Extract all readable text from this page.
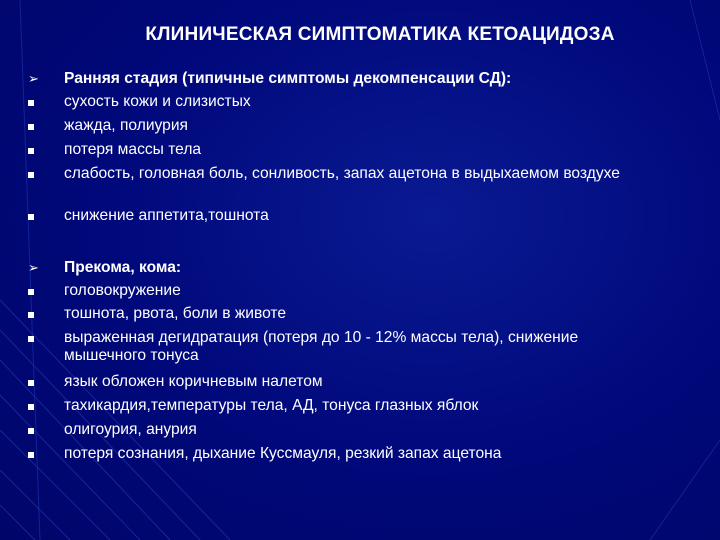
КЛИНИЧЕСКАЯ СИМПТОМАТИКА КЕТОАЦИДОЗА
➢ Ранняя стадия (типичные симптомы декомпенсации СД):
сухость кожи и слизистых
жажда, полиурия
потеря массы тела
слабость, головная боль, сонливость, запах ацетона в выдыхаемом воздухе
снижение аппетита,тошнота
➢ Прекома, кома:
головокружение
тошнота, рвота, боли в животе
выраженная дегидратация (потеря до 10 - 12% массы тела), снижение мышечного тонуса
язык обложен коричневым налетом
тахикардия,температуры тела, АД, тонуса глазных яблок
олигоурия, анурия
потеря сознания, дыхание Куссмауля, резкий запах ацетона
